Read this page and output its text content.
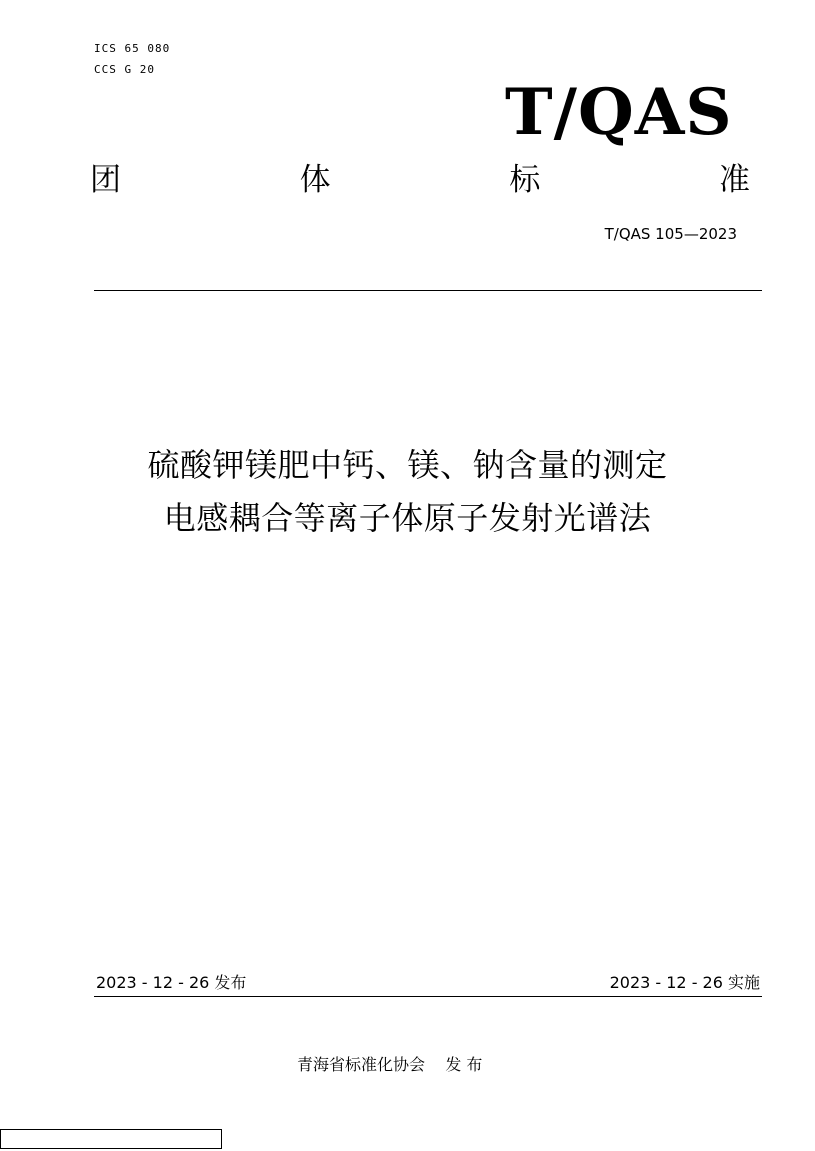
ICS 65 080
CCS G 20
T/QAS
团	体	标	准
T/QAS 105—2023
硫酸钾镁肥中钙、镁、钠含量的测定
电感耦合等离子体原子发射光谱法
2023 - 12 - 26 发布	2023 - 12 - 26 实施
青海省标准化协会    发 布
